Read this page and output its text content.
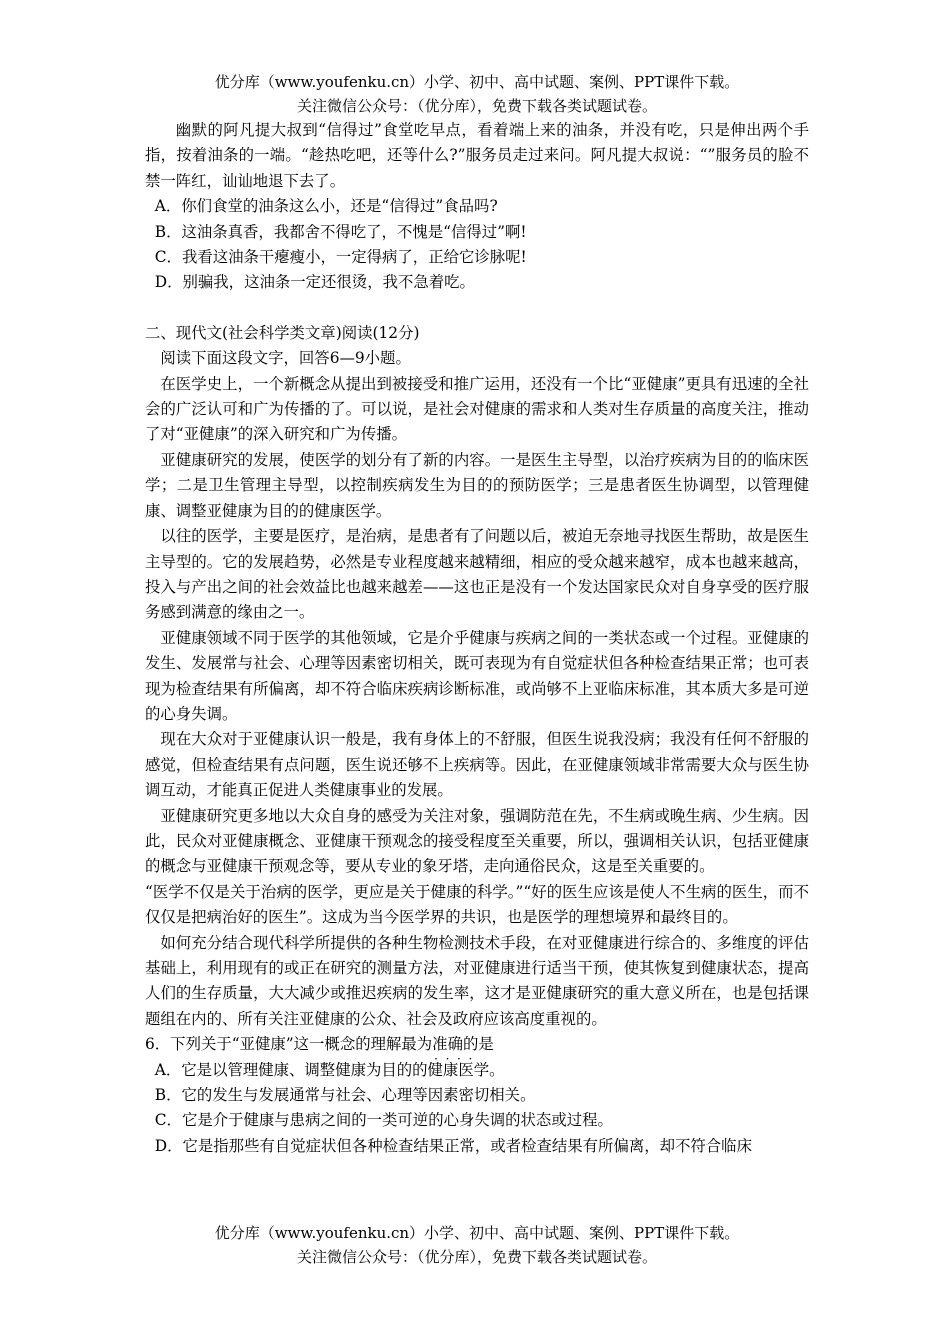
优分库（www.youfenku.cn）小学、初中、高中试题、案例、PPT课件下载。
关注微信公众号：（优分库），免费下载各类试题试卷。

幽默的阿凡提大叔到“信得过”食堂吃早点，看着端上来的油条，并没有吃，只是伸出两个手指，按着油条的一端。“趁热吃吧，还等什么?”服务员走过来问。阿凡提大叔说：“”服务员的脸不禁一阵红，讪讪地退下去了。

A．你们食堂的油条这么小，还是“信得过”食品吗?

B．这油条真香，我都舍不得吃了，不愧是“信得过”啊!

C．我看这油条干瘪瘦小，一定得病了，正给它诊脉呢!

D．别骗我，这油条一定还很烫，我不急着吃。

二、现代文(社会科学类文章)阅读(12分)

阅读下面这段文字，回答6—9小题。

在医学史上，一个新概念从提出到被接受和推广运用，还没有一个比“亚健康”更具有迅速的全社会的广泛认可和广为传播的了。可以说，是社会对健康的需求和人类对生存质量的高度关注，推动了对“亚健康”的深入研究和广为传播。

亚健康研究的发展，使医学的划分有了新的内容。一是医生主导型，以治疗疾病为目的的临床医学；二是卫生管理主导型，以控制疾病发生为目的的预防医学；三是患者医生协调型，以管理健康、调整亚健康为目的的健康医学。

以往的医学，主要是医疗，是治病，是患者有了问题以后，被迫无奈地寻找医生帮助，故是医生主导型的。它的发展趋势，必然是专业程度越来越精细，相应的受众越来越窄，成本也越来越高，投入与产出之间的社会效益比也越来越差——这也正是没有一个发达国家民众对自身享受的医疗服务感到满意的缘由之一。

亚健康领域不同于医学的其他领域，它是介乎健康与疾病之间的一类状态或一个过程。亚健康的发生、发展常与社会、心理等因素密切相关，既可表现为有自觉症状但各种检查结果正常；也可表现为检查结果有所偏离，却不符合临床疾病诊断标准，或尚够不上亚临床标准，其本质大多是可逆的心身失调。

现在大众对于亚健康认识一般是，我有身体上的不舒服，但医生说我没病；我没有任何不舒服的感觉，但检查结果有点问题，医生说还够不上疾病等。因此，在亚健康领域非常需要大众与医生协调互动，才能真正促进人类健康事业的发展。

亚健康研究更多地以大众自身的感受为关注对象，强调防范在先，不生病或晚生病、少生病。因此，民众对亚健康概念、亚健康干预观念的接受程度至关重要，所以，强调相关认识，包括亚健康的概念与亚健康干预观念等，要从专业的象牙塔，走向通俗民众，这是至关重要的。

“医学不仅是关于治病的医学，更应是关于健康的科学。”“好的医生应该是使人不生病的医生，而不仅仅是把病治好的医生”。这成为当今医学界的共识，也是医学的理想境界和最终目的。

如何充分结合现代科学所提供的各种生物检测技术手段，在对亚健康进行综合的、多维度的评估基础上，利用现有的或正在研究的测量方法，对亚健康进行适当干预，使其恢复到健康状态，提高人们的生存质量，大大减少或推迟疾病的发生率，这才是亚健康研究的重大意义所在，也是包括课题组在内的、所有关注亚健康的公众、社会及政府应该高度重视的。

6．下列关于“亚健康”这一概念的理解最为准确的是 · ·

A．它是以管理健康、调整健康为目的的健康医学。

B．它的发生与发展通常与社会、心理等因素密切相关。

C．它是介于健康与患病之间的一类可逆的心身失调的状态或过程。

D．它是指那些有自觉症状但各种检查结果正常，或者检查结果有所偏离，却不符合临床

优分库（www.youfenku.cn）小学、初中、高中试题、案例、PPT课件下载。
关注微信公众号：（优分库），免费下载各类试题试卷。
